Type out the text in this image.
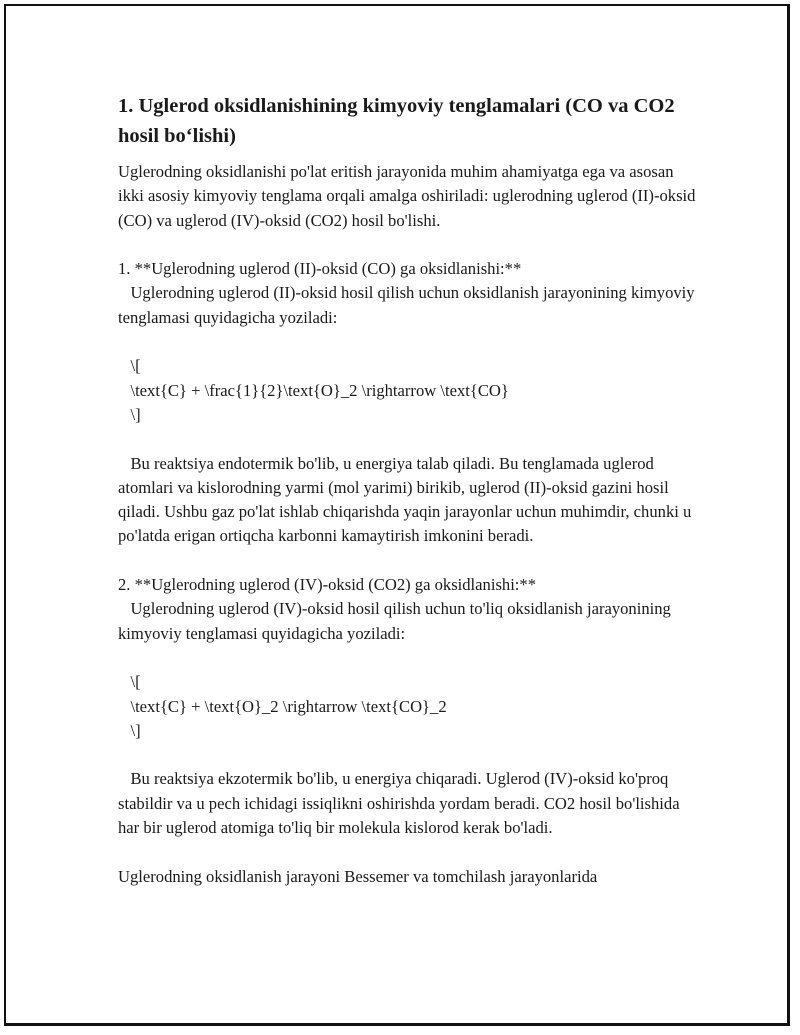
1. Uglerod oksidlanishining kimyoviy tenglamalari (CO va CO2 hosil bo‘lishi)

Uglerodning oksidlanishi po'lat eritish jarayonida muhim ahamiyatga ega va asosan ikki asosiy kimyoviy tenglama orqali amalga oshiriladi: uglerodning uglerod (II)-oksid (CO) va uglerod (IV)-oksid (CO2) hosil bo'lishi.

1. **Uglerodning uglerod (II)-oksid (CO) ga oksidlanishi:**

Uglerodning uglerod (II)-oksid hosil qilish uchun oksidlanish jarayonining kimyoviy tenglamasi quyidagicha yoziladi:

\[

\text{C} + \frac{1}{2}\text{O}_2 \rightarrow \text{CO}

\]

Bu reaktsiya endotermik bo'lib, u energiya talab qiladi. Bu tenglamada uglerod atomlari va kislorodning yarmi (mol yarimi) birikib, uglerod (II)-oksid gazini hosil qiladi. Ushbu gaz po'lat ishlab chiqarishda yaqin jarayonlar uchun muhimdir, chunki u po'latda erigan ortiqcha karbonni kamaytirish imkonini beradi.

2. **Uglerodning uglerod (IV)-oksid (CO2) ga oksidlanishi:**

Uglerodning uglerod (IV)-oksid hosil qilish uchun to'liq oksidlanish jarayonining kimyoviy tenglamasi quyidagicha yoziladi:

\[

\text{C} + \text{O}_2 \rightarrow \text{CO}_2

\]

Bu reaktsiya ekzotermik bo'lib, u energiya chiqaradi. Uglerod (IV)-oksid ko'proq stabildir va u pech ichidagi issiqlikni oshirishda yordam beradi. CO2 hosil bo'lishida har bir uglerod atomiga to'liq bir molekula kislorod kerak bo'ladi.

Uglerodning oksidlanish jarayoni Bessemer va tomchilash jarayonlarida
